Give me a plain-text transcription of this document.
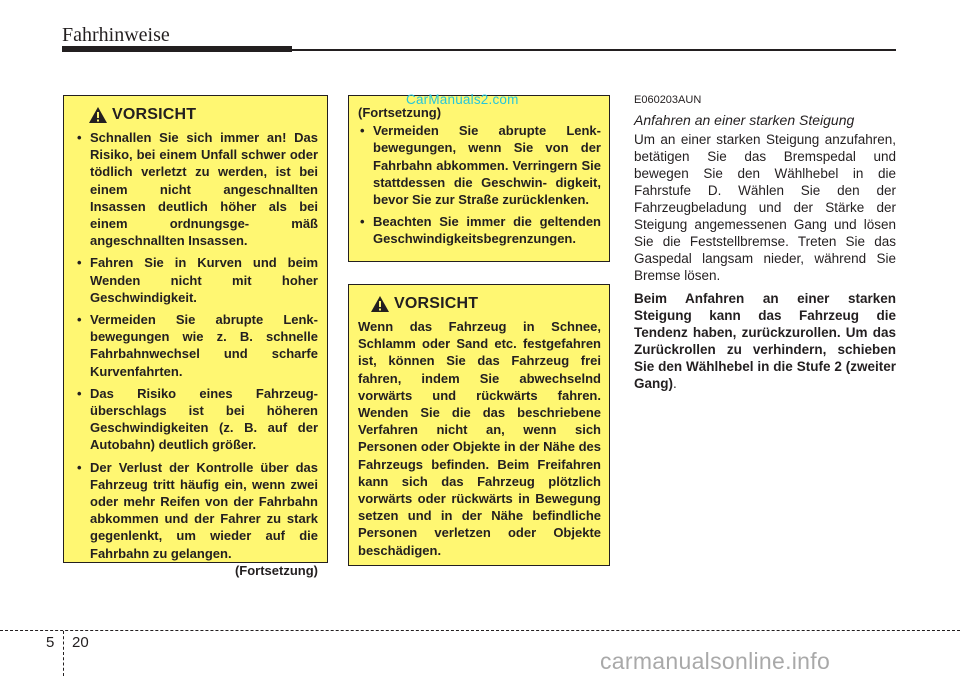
Fahrhinweise
VORSICHT
• Schnallen Sie sich immer an! Das Risiko, bei einem Unfall schwer oder tödlich verletzt zu werden, ist bei einem nicht angeschnallten Insassen deutlich höher als bei einem ordnungsge- mäß angeschnallten Insassen.
• Fahren Sie in Kurven und beim Wenden nicht mit hoher Geschwindigkeit.
• Vermeiden Sie abrupte Lenk- bewegungen wie z. B. schnelle Fahrbahnwechsel und scharfe Kurvenfahrten.
• Das Risiko eines Fahrzeug- überschlags ist bei höheren Geschwindigkeiten (z. B. auf der Autobahn) deutlich größer.
• Der Verlust der Kontrolle über das Fahrzeug tritt häufig ein, wenn zwei oder mehr Reifen von der Fahrbahn abkommen und der Fahrer zu stark gegenlenkt, um wieder auf die Fahrbahn zu gelangen.
(Fortsetzung)
(Fortsetzung)
• Vermeiden Sie abrupte Lenk- bewegungen, wenn Sie von der Fahrbahn abkommen. Verringern Sie stattdessen die Geschwin- digkeit, bevor Sie zur Straße zurücklenken.
• Beachten Sie immer die geltenden Geschwindigkeitsbegrenzungen.
CarManuals2.com
VORSICHT
Wenn das Fahrzeug in Schnee, Schlamm oder Sand etc. festgefahren ist, können Sie das Fahrzeug frei fahren, indem Sie abwechselnd vorwärts und rückwärts fahren. Wenden Sie die das beschriebene Verfahren nicht an, wenn sich Personen oder Objekte in der Nähe des Fahrzeugs befinden. Beim Freifahren kann sich das Fahrzeug plötzlich vorwärts oder rückwärts in Bewegung setzen und in der Nähe befindliche Personen verletzen oder Objekte beschädigen.
E060203AUN
Anfahren an einer starken Steigung
Um an einer starken Steigung anzufahren, betätigen Sie das Bremspedal und bewegen Sie den Wählhebel in die Fahrstufe D. Wählen Sie den der Fahrzeugbeladung und der Stärke der Steigung angemessenen Gang und lösen Sie die Feststellbremse. Treten Sie das Gaspedal langsam nieder, während Sie Bremse lösen.
Beim Anfahren an einer starken Steigung kann das Fahrzeug die Tendenz haben, zurückzurollen. Um das Zurückrollen zu verhindern, schieben Sie den Wählhebel in die Stufe 2 (zweiter Gang).
5 20
carmanualsonline.info
